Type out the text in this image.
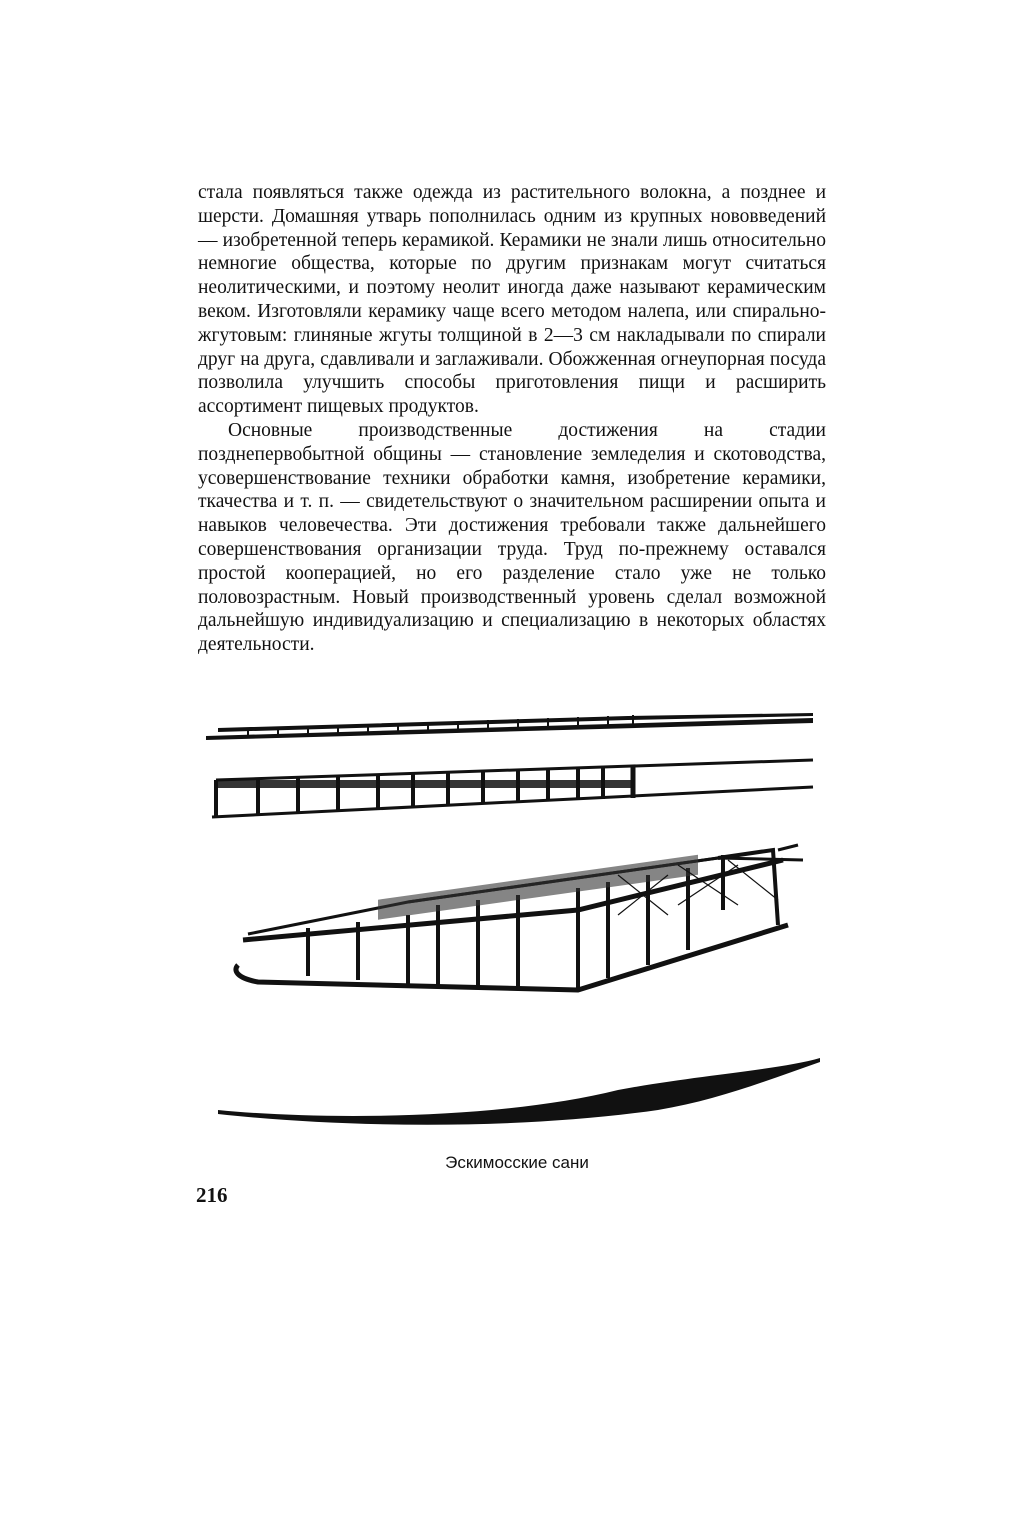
стала появляться также одежда из растительного волокна, а позднее и шерсти. Домашняя утварь пополнилась одним из крупных нововведений — изобретенной теперь керамикой. Керамики не знали лишь относительно немногие общества, которые по другим признакам могут считаться неолитическими, и поэтому неолит иногда даже называют керамическим веком. Изготовляли керамику чаще всего методом налепа, или спирально-жгутовым: глиняные жгуты толщиной в 2—3 см накладывали по спирали друг на друга, сдавливали и заглаживали. Обожженная огнеупорная посуда позволила улучшить способы приготовления пищи и расширить ассортимент пищевых продуктов.

Основные производственные достижения на стадии позднепервобытной общины — становление земледелия и скотоводства, усовершенствование техники обработки камня, изобретение керамики, ткачества и т. п. — свидетельствуют о значительном расширении опыта и навыков человечества. Эти достижения требовали также дальнейшего совершенствования организации труда. Труд по-прежнему оставался простой кооперацией, но его разделение стало уже не только половозрастным. Новый производственный уровень сделал возможной дальнейшую индивидуализацию и специализацию в некоторых областях деятельности.

Эскимосские сани
216
